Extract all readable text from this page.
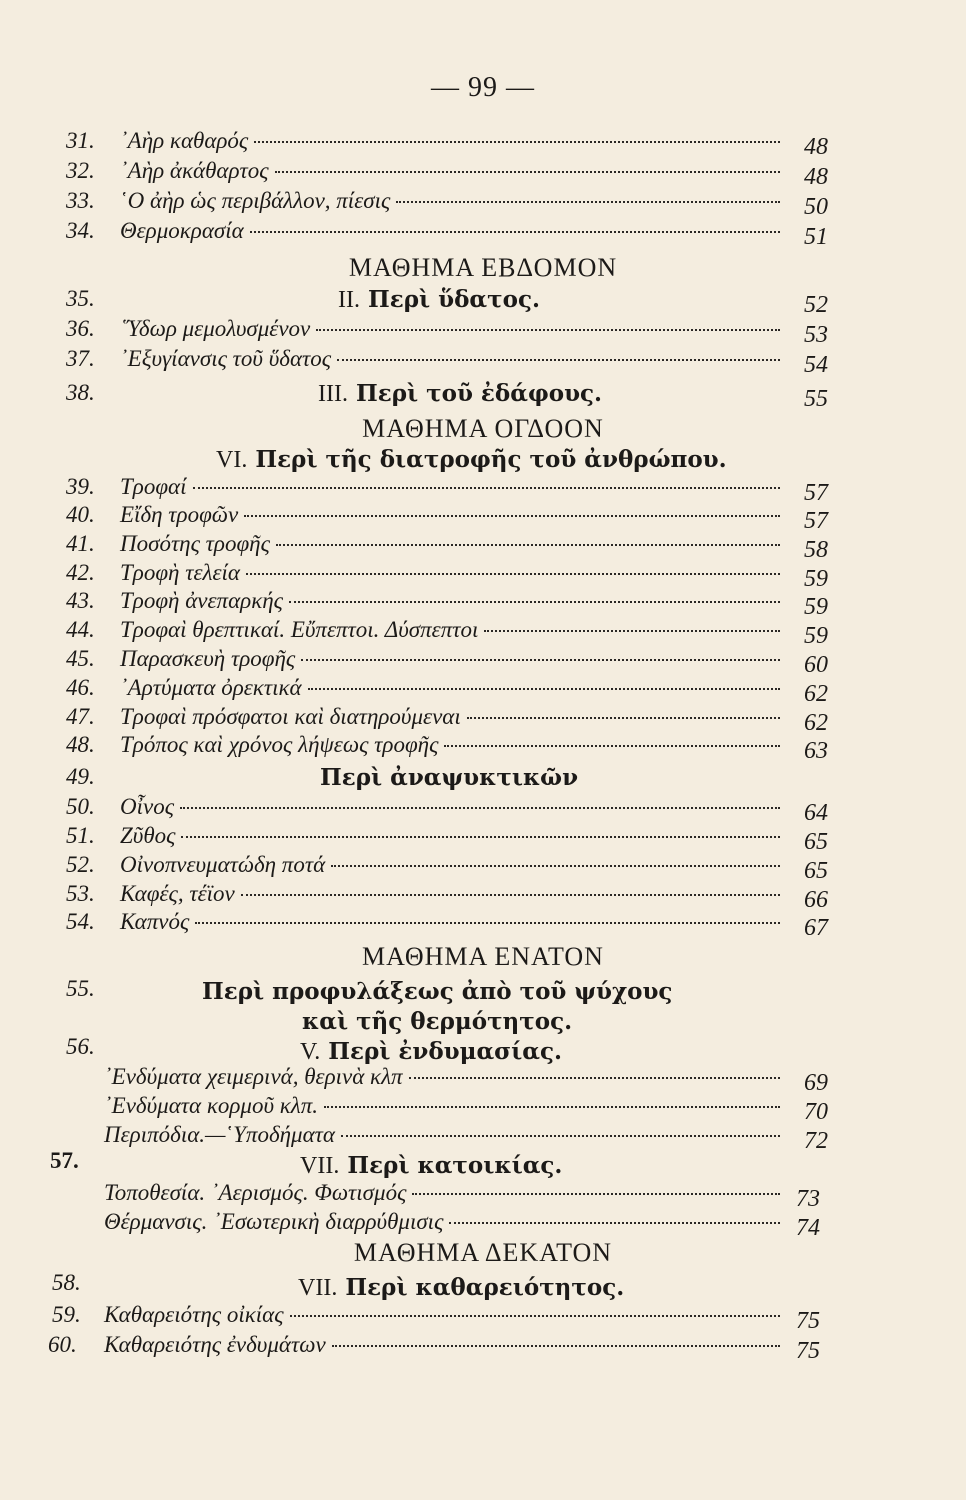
— 99 —
31.	᾿Αὴρ καθαρός	48
32.	᾿Αὴρ ἀκάθαρτος	48
33.	῾Ο ἀὴρ ὡς περιβάλλον, πίεσις	50
34.	Θερμοκρασία	51
ΜΑΘΗΜΑ ΕΒΔΟΜΟΝ
35.	II. Περὶ ὕδατος.	52
36.	῞Υδωρ μεμολυσμένον	53
37.	᾿Εξυγίανσις τοῦ ὕδατος	54
38.	III. Περὶ τοῦ ἐδάφους.	55
ΜΑΘΗΜΑ ΟΓΔΟΟΝ
VI. Περὶ τῆς διατροφῆς τοῦ ἀνθρώπου.
39.	Τροφαί	57
40.	Εἴδη τροφῶν	57
41.	Ποσότης τροφῆς	58
42.	Τροφὴ τελεία	59
43.	Τροφὴ ἀνεπαρκής	59
44.	Τροφαὶ θρεπτικαί. Εὔπεπτοι. Δύσπεπτοι	59
45.	Παρασκευὴ τροφῆς	60
46.	᾿Αρτύματα ὀρεκτικά	62
47.	Τροφαὶ πρόσφατοι καὶ διατηρούμεναι	62
48.	Τρόπος καὶ χρόνος λήψεως τροφῆς	63
49.	Περὶ ἀναψυκτικῶν
50.	Οἶνος	64
51.	Ζῦθος	65
52.	Οἰνοπνευματώδη ποτά	65
53.	Καφές, τέϊον	66
54.	Καπνός	67
ΜΑΘΗΜΑ ΕΝΑΤΟΝ
55.	Περὶ προφυλάξεως ἀπὸ τοῦ ψύχους
καὶ τῆς θερμότητος.
56.	V. Περὶ ἐνδυμασίας.
᾿Ενδύματα χειμερινά, θερινὰ κλπ	69
᾿Ενδύματα κορμοῦ κλπ.	70
Περιπόδια.—῾Υποδήματα	72
57.	VII. Περὶ κατοικίας.
Τοποθεσία. ᾿Αερισμός. Φωτισμός	73
Θέρμανσις. ᾿Εσωτερικὴ διαρρύθμισις	74
ΜΑΘΗΜΑ ΔΕΚΑΤΟΝ
58.	VII. Περὶ καθαρειότητος.
59.	Καθαρειότης οἰκίας	75
60.	Καθαρειότης ἐνδυμάτων	75
